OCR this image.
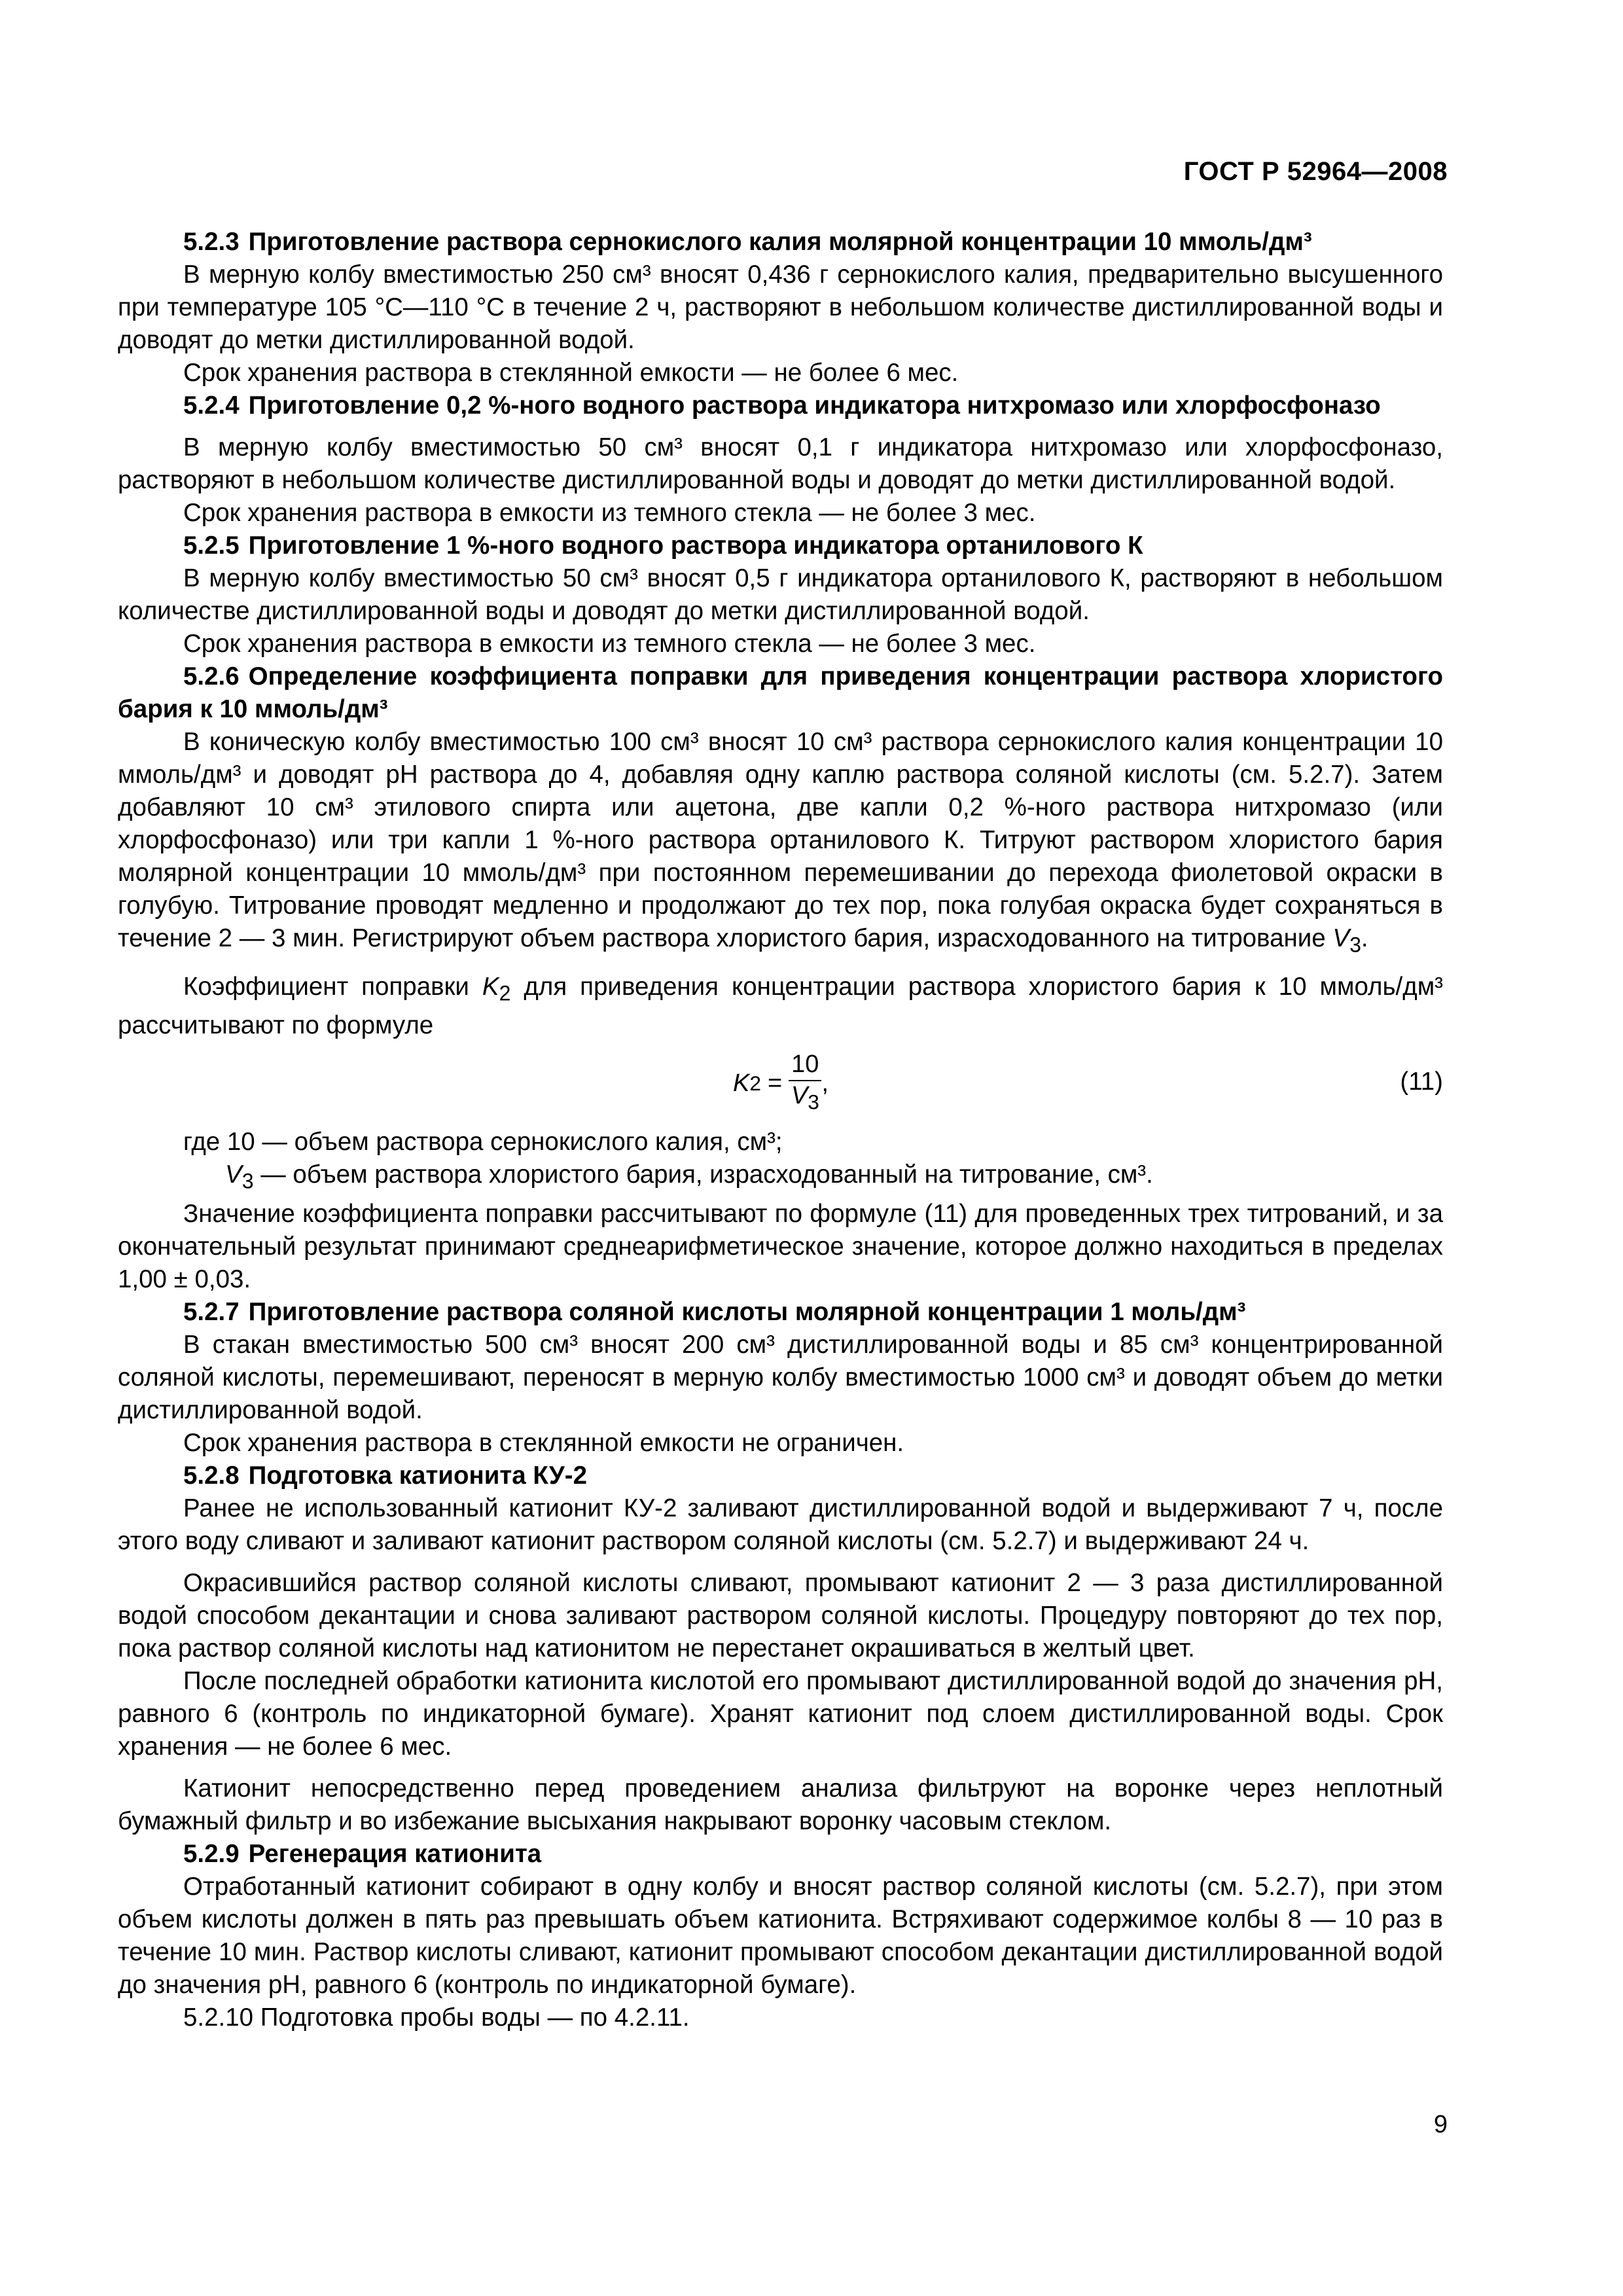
ГОСТ Р 52964—2008

5.2.3 Приготовление раствора сернокислого калия молярной концентрации 10 ммоль/дм³

В мерную колбу вместимостью 250 см³ вносят 0,436 г сернокислого калия, предварительно высушенного при температуре 105 °С—110 °С в течение 2 ч, растворяют в небольшом количестве дистиллированной воды и доводят до метки дистиллированной водой.

Срок хранения раствора в стеклянной емкости — не более 6 мес.

5.2.4 Приготовление 0,2 %-ного водного раствора индикатора нитхромазо или хлорфосфоназо

В мерную колбу вместимостью 50 см³ вносят 0,1 г индикатора нитхромазо или хлорфосфоназо, растворяют в небольшом количестве дистиллированной воды и доводят до метки дистиллированной водой.

Срок хранения раствора в емкости из темного стекла — не более 3 мес.

5.2.5 Приготовление 1 %-ного водного раствора индикатора ортанилового К

В мерную колбу вместимостью 50 см³ вносят 0,5 г индикатора ортанилового К, растворяют в небольшом количестве дистиллированной воды и доводят до метки дистиллированной водой.

Срок хранения раствора в емкости из темного стекла — не более 3 мес.

5.2.6 Определение коэффициента поправки для приведения концентрации раствора хлористого бария к 10 ммоль/дм³

В коническую колбу вместимостью 100 см³ вносят 10 см³ раствора сернокислого калия концентрации 10 ммоль/дм³ и доводят pH раствора до 4, добавляя одну каплю раствора соляной кислоты (см. 5.2.7). Затем добавляют 10 см³ этилового спирта или ацетона, две капли 0,2 %-ного раствора нитхромазо (или хлорфосфоназо) или три капли 1 %-ного раствора ортанилового К. Титруют раствором хлористого бария молярной концентрации 10 ммоль/дм³ при постоянном перемешивании до перехода фиолетовой окраски в голубую. Титрование проводят медленно и продолжают до тех пор, пока голубая окраска будет сохраняться в течение 2 — 3 мин. Регистрируют объем раствора хлористого бария, израсходованного на титрование $V_3$.

Коэффициент поправки $K_2$ для приведения концентрации раствора хлористого бария к 10 ммоль/дм³ рассчитывают по формуле

K $2 = \frac{10}{V_3}$ ,	(11)

где 10 — объем раствора сернокислого калия, см³;

$V_3$ — объем раствора хлористого бария, израсходованный на титрование, см³.

Значение коэффициента поправки рассчитывают по формуле (11) для проведенных трех титрований, и за окончательный результат принимают среднеарифметическое значение, которое должно находиться в пределах 1,00 ± 0,03.

5.2.7 Приготовление раствора соляной кислоты молярной концентрации 1 моль/дм³

В стакан вместимостью 500 см³ вносят 200 см³ дистиллированной воды и 85 см³ концентрированной соляной кислоты, перемешивают, переносят в мерную колбу вместимостью 1000 см³ и доводят объем до метки дистиллированной водой.

Срок хранения раствора в стеклянной емкости не ограничен.

5.2.8 Подготовка катионита КУ-2

Ранее не использованный катионит КУ-2 заливают дистиллированной водой и выдерживают 7 ч, после этого воду сливают и заливают катионит раствором соляной кислоты (см. 5.2.7) и выдерживают 24 ч.

Окрасившийся раствор соляной кислоты сливают, промывают катионит 2 — 3 раза дистиллированной водой способом декантации и снова заливают раствором соляной кислоты. Процедуру повторяют до тех пор, пока раствор соляной кислоты над катионитом не перестанет окрашиваться в желтый цвет.

После последней обработки катионита кислотой его промывают дистиллированной водой до значения pH, равного 6 (контроль по индикаторной бумаге). Хранят катионит под слоем дистиллированной воды. Срок хранения — не более 6 мес.

Катионит непосредственно перед проведением анализа фильтруют на воронке через неплотный бумажный фильтр и во избежание высыхания накрывают воронку часовым стеклом.

5.2.9 Регенерация катионита

Отработанный катионит собирают в одну колбу и вносят раствор соляной кислоты (см. 5.2.7), при этом объем кислоты должен в пять раз превышать объем катионита. Встряхивают содержимое колбы 8 — 10 раз в течение 10 мин. Раствор кислоты сливают, катионит промывают способом декантации дистиллированной водой до значения pH, равного 6 (контроль по индикаторной бумаге).

5.2.10 Подготовка пробы воды — по 4.2.11.

9
